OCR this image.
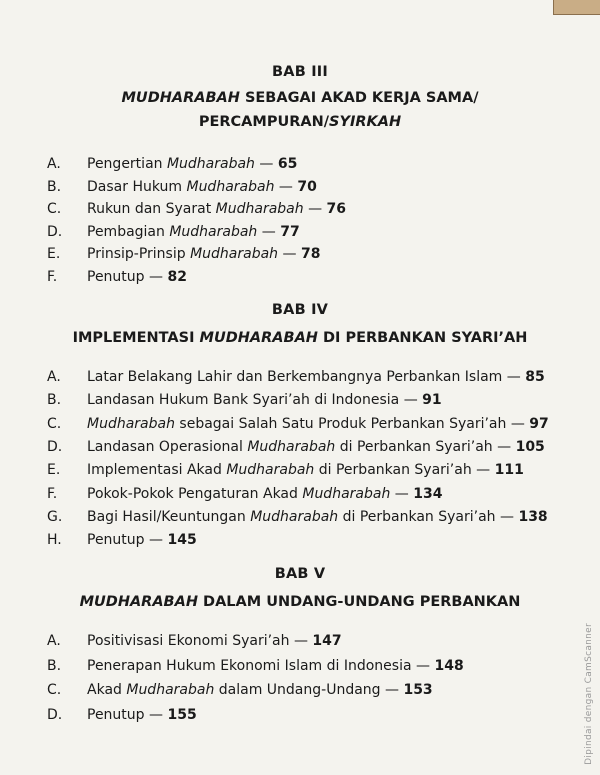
BAB III
MUDHARABAH SEBAGAI AKAD KERJA SAMA/
PERCAMPURAN/SYIRKAH
A. Pengertian Mudharabah — 65
B. Dasar Hukum Mudharabah — 70
C. Rukun dan Syarat Mudharabah — 76
D. Pembagian Mudharabah — 77
E. Prinsip-Prinsip Mudharabah — 78
F. Penutup — 82
BAB IV
IMPLEMENTASI MUDHARABAH DI PERBANKAN SYARI’AH
A. Latar Belakang Lahir dan Berkembangnya Perbankan Islam — 85
B. Landasan Hukum Bank Syari’ah di Indonesia — 91
C. Mudharabah sebagai Salah Satu Produk Perbankan Syari’ah — 97
D. Landasan Operasional Mudharabah di Perbankan Syari’ah — 105
E. Implementasi Akad Mudharabah di Perbankan Syari’ah — 111
F. Pokok-Pokok Pengaturan Akad Mudharabah — 134
G. Bagi Hasil/Keuntungan Mudharabah di Perbankan Syari’ah — 138
H. Penutup — 145
BAB V
MUDHARABAH DALAM UNDANG-UNDANG PERBANKAN
A. Positivisasi Ekonomi Syari’ah — 147
B. Penerapan Hukum Ekonomi Islam di Indonesia — 148
C. Akad Mudharabah dalam Undang-Undang — 153
D. Penutup — 155	Dipindai dengan CamScanner
